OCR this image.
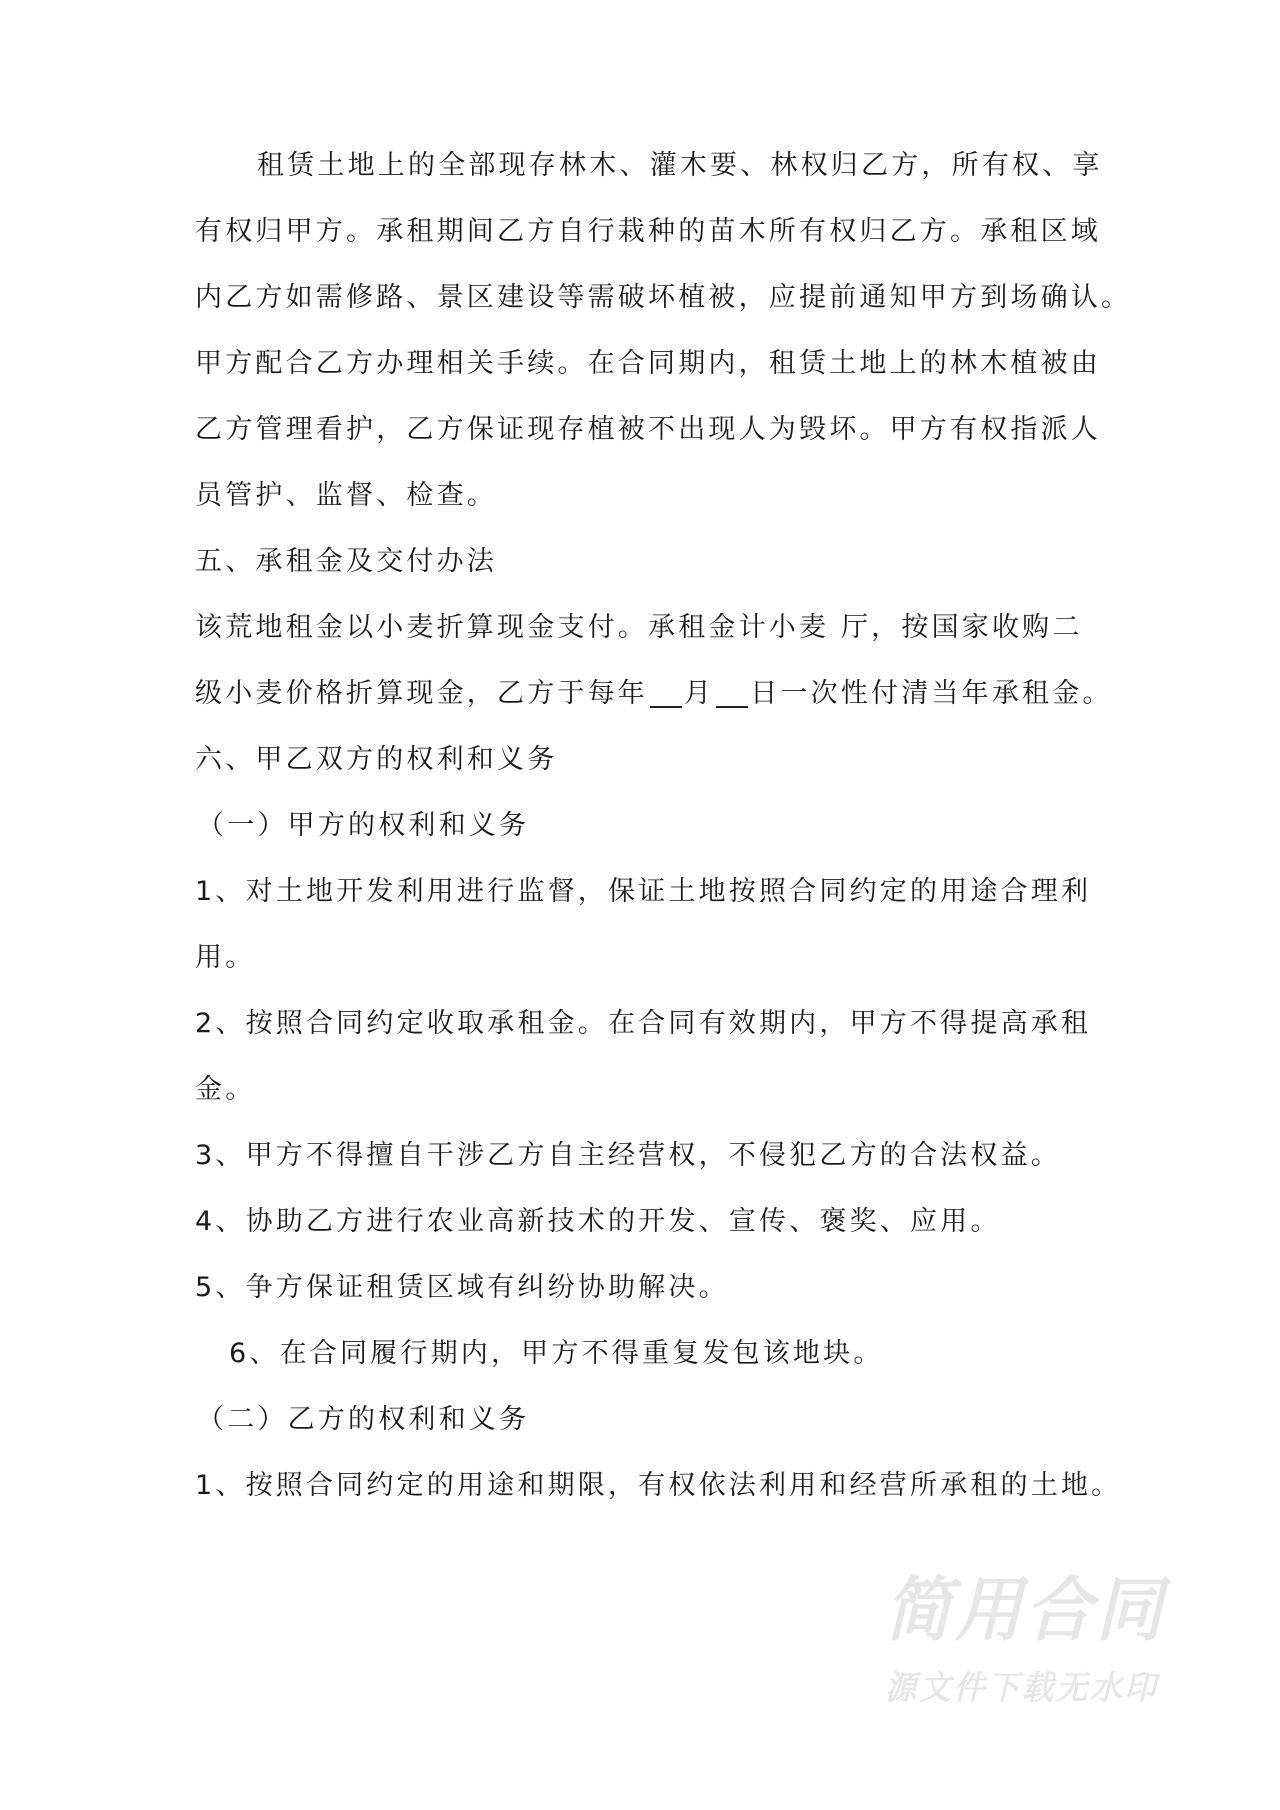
租赁土地上的全部现存林木、灌木要、林权归乙方，所有权、享
有权归甲方。承租期间乙方自行栽种的苗木所有权归乙方。承租区域
内乙方如需修路、景区建设等需破坏植被，应提前通知甲方到场确认。
甲方配合乙方办理相关手续。在合同期内，租赁土地上的林木植被由
乙方管理看护，乙方保证现存植被不出现人为毁坏。甲方有权指派人
员管护、监督、检查。
五、承租金及交付办法
该荒地租金以小麦折算现金支付。承租金计小麦 厅，按国家收购二
级小麦价格折算现金，乙方于每年 月 日一次性付清当年承租金。
六、甲乙双方的权利和义务
（一）甲方的权利和义务
1、对土地开发利用进行监督，保证土地按照合同约定的用途合理利
用。
2、按照合同约定收取承租金。在合同有效期内，甲方不得提高承租
金。
3、甲方不得擅自干涉乙方自主经营权，不侵犯乙方的合法权益。
4、协助乙方进行农业高新技术的开发、宣传、褒奖、应用。
5、争方保证租赁区域有纠纷协助解决。
6、在合同履行期内，甲方不得重复发包该地块。
（二）乙方的权利和义务
1、按照合同约定的用途和期限，有权依法利用和经营所承租的土地。
简用合同
源文件下载无水印
